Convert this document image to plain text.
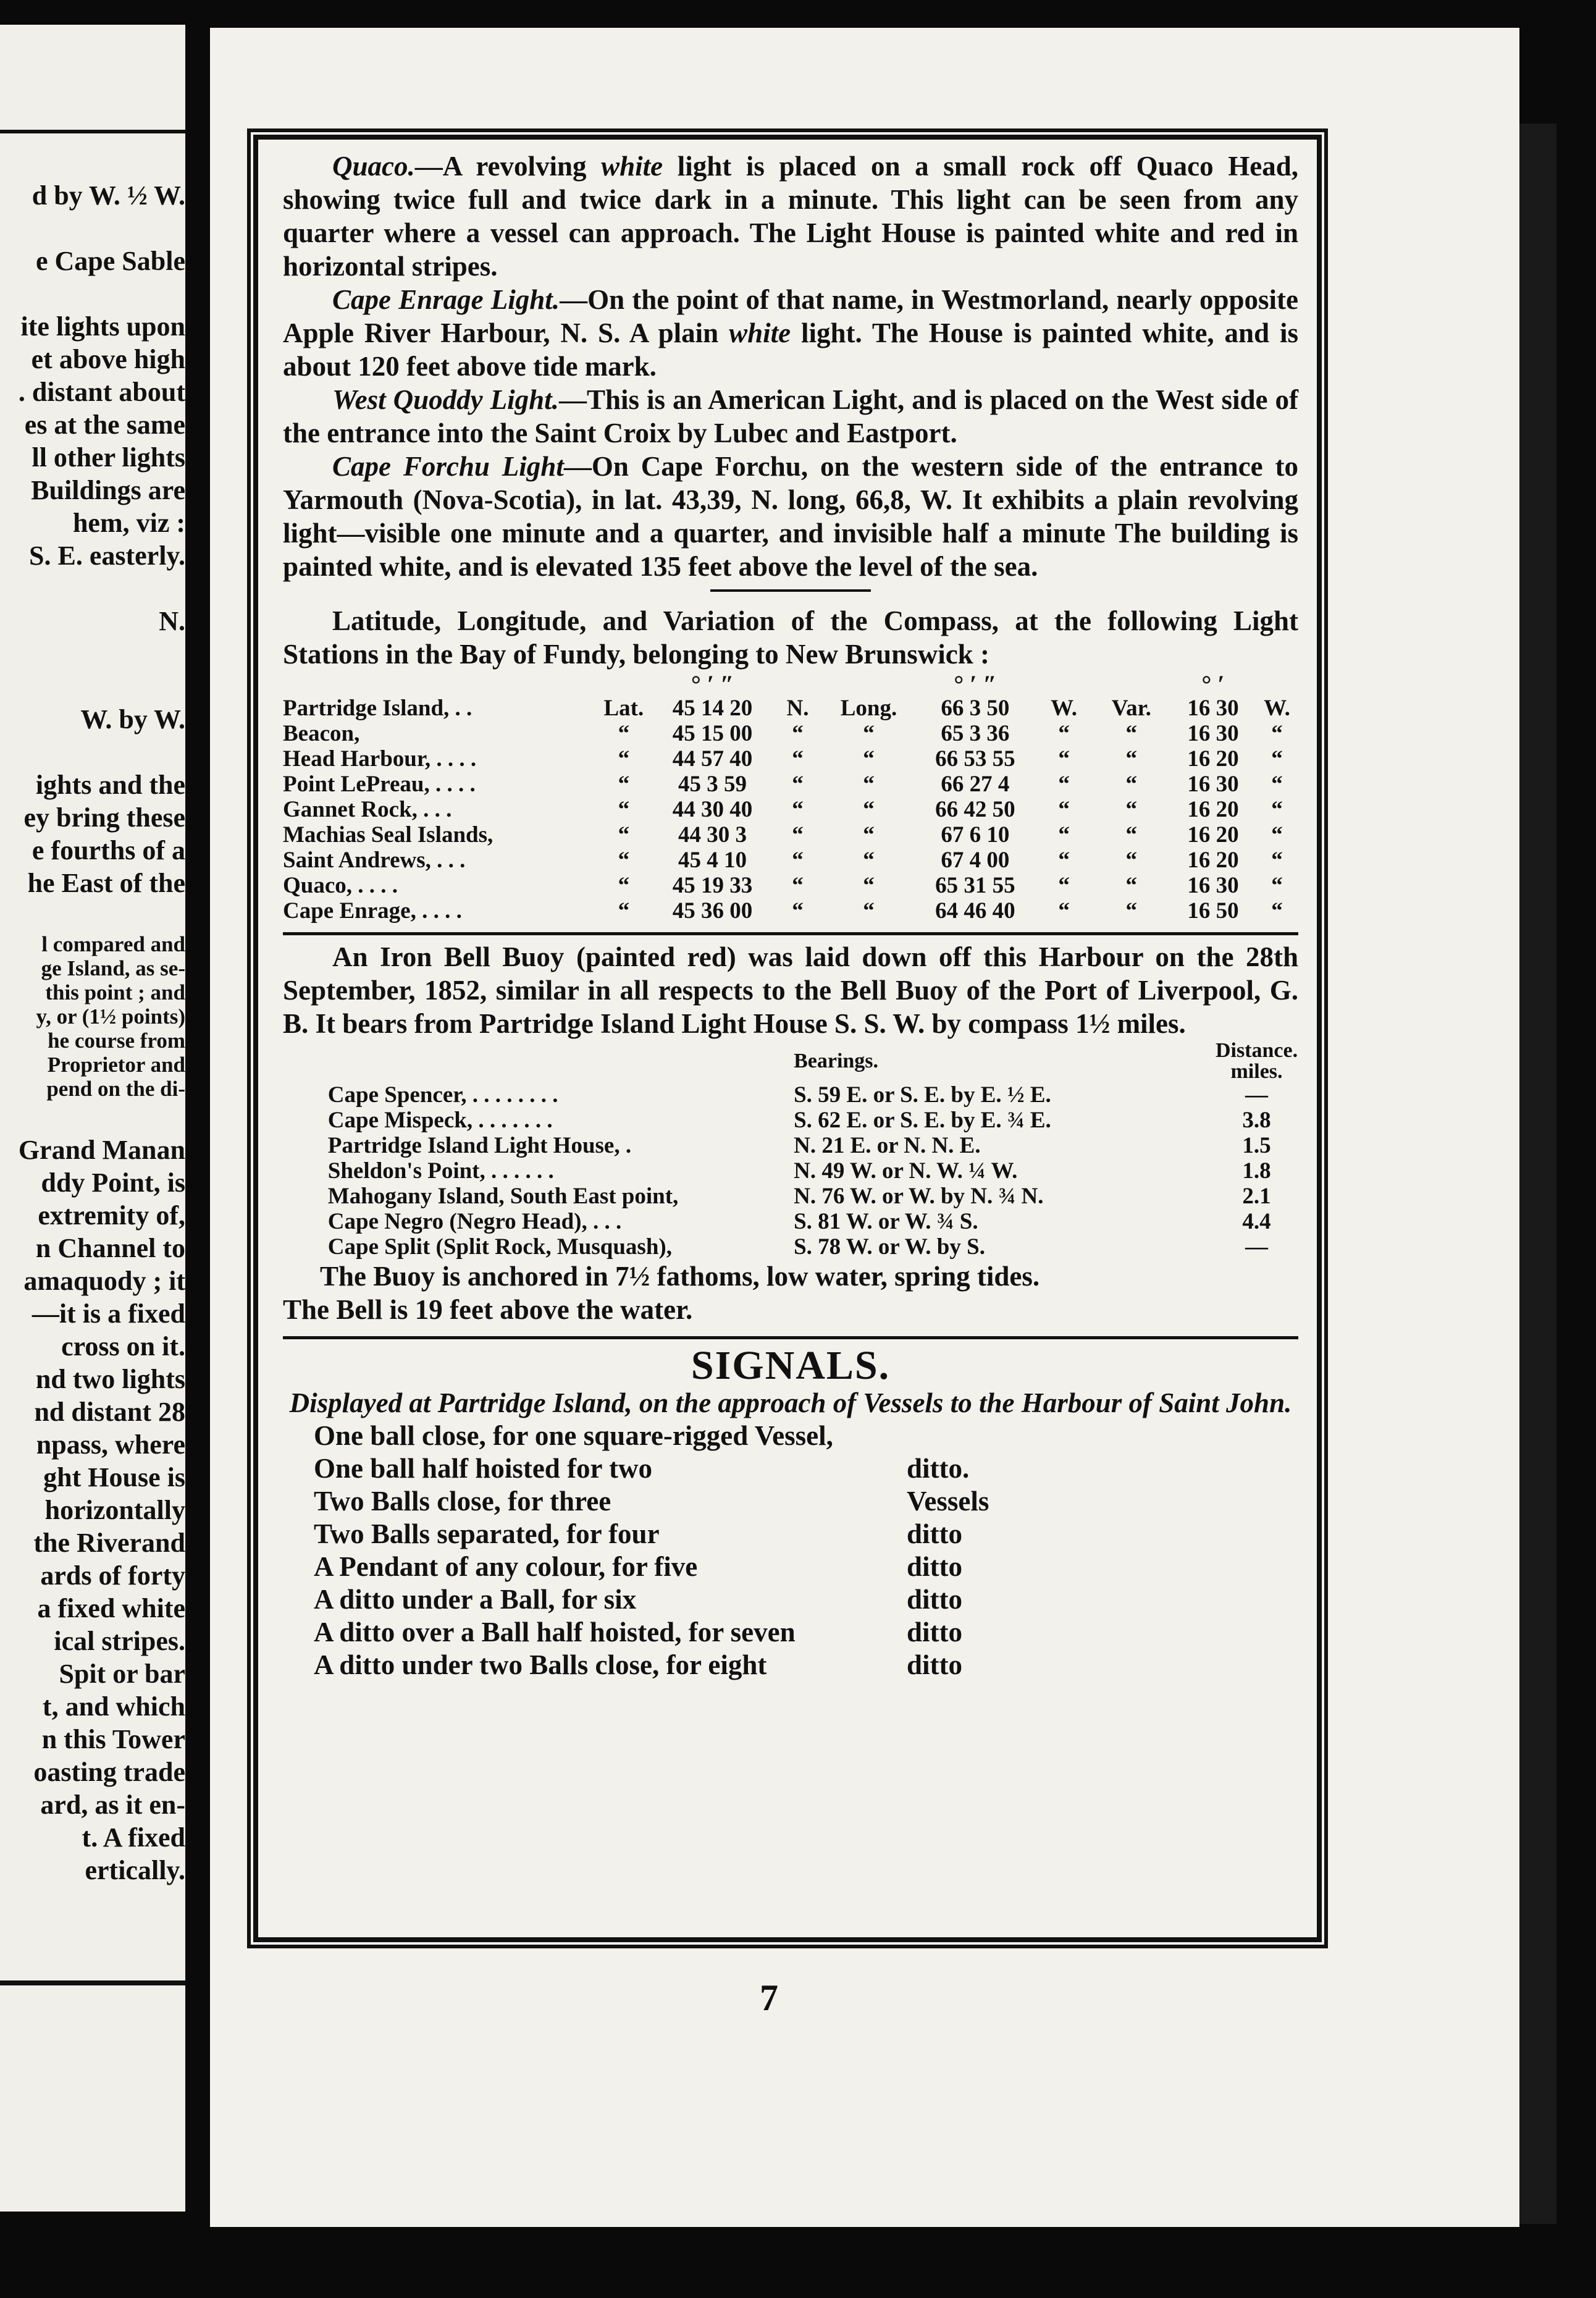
d by W. ½ W.

e Cape Sable

ite lights upon
et above high
. distant about
es at the same
ll other lights
Buildings are
hem, viz :
S. E. easterly.

N.

W. by W.

ights and the
ey bring these
e fourths of a
he East of the

l compared and
ge Island, as se-
this point ; and
y, or (1½ points)
he course from
Proprietor and
pend on the di-

Grand Manan
ddy Point, is
extremity of,
n Channel to
amaquody ; it
—it is a fixed
cross on it.
nd two lights
nd distant 28
npass, where
ght House is
horizontally
the Riverand
ards of forty
a fixed white
ical stripes.
Spit or bar
t, and which
n this Tower
oasting trade
ard, as it en-
t. A fixed
ertically.

Quaco.—A revolving white light is placed on a small rock off Quaco Head, showing twice full and twice dark in a minute. This light can be seen from any quarter where a vessel can approach. The Light House is painted white and red in horizontal stripes.

Cape Enrage Light.—On the point of that name, in Westmorland, nearly opposite Apple River Harbour, N. S. A plain white light. The House is painted white, and is about 120 feet above tide mark.

West Quoddy Light.—This is an American Light, and is placed on the West side of the entrance into the Saint Croix by Lubec and Eastport.

Cape Forchu Light—On Cape Forchu, on the western side of the entrance to Yarmouth (Nova-Scotia), in lat. 43,39, N. long, 66,8, W. It exhibits a plain revolving light—visible one minute and a quarter, and invisible half a minute The building is painted white, and is elevated 135 feet above the level of the sea.

Latitude, Longitude, and Variation of the Compass, at the following Light Stations in the Bay of Fundy, belonging to New Brunswick :

		° ′ ″			° ′ ″			° ′	
Partridge Island, . .	Lat.	45 14 20	N.	Long.	66 3 50	W.	Var.	16 30	W.
Beacon,	“	45 15 00	“	“	65 3 36	“	“	16 30	“
Head Harbour, . . . .	“	44 57 40	“	“	66 53 55	“	“	16 20	“
Point LePreau, . . . .	“	45 3 59	“	“	66 27 4	“	“	16 30	“
Gannet Rock, . . .	“	44 30 40	“	“	66 42 50	“	“	16 20	“
Machias Seal Islands,	“	44 30 3	“	“	67 6 10	“	“	16 20	“
Saint Andrews, . . .	“	45 4 10	“	“	67 4 00	“	“	16 20	“
Quaco, . . . .	“	45 19 33	“	“	65 31 55	“	“	16 30	“
Cape Enrage, . . . .	“	45 36 00	“	“	64 46 40	“	“	16 50	“

An Iron Bell Buoy (painted red) was laid down off this Harbour on the 28th September, 1852, similar in all respects to the Bell Buoy of the Port of Liverpool, G. B. It bears from Partridge Island Light House S. S. W. by compass 1½ miles.

		Bearings.	Distance. miles.
	Cape Spencer, . . . . . . . .	S. 59 E. or S. E. by E. ½ E.	—
	Cape Mispeck, . . . . . . .	S. 62 E. or S. E. by E. ¾ E.	3.8
	Partridge Island Light House, .	N. 21 E. or N. N. E.	1.5
	Sheldon's Point, . . . . . .	N. 49 W. or N. W. ¼ W.	1.8
	Mahogany Island, South East point,	N. 76 W. or W. by N. ¾ N.	2.1
	Cape Negro (Negro Head), . . .	S. 81 W. or W. ¾ S.	4.4
	Cape Split (Split Rock, Musquash),	S. 78 W. or W. by S.	—

The Buoy is anchored in 7½ fathoms, low water, spring tides.

The Bell is 19 feet above the water.

SIGNALS.

Displayed at Partridge Island, on the approach of Vessels to the Harbour of Saint John.

One ball close, for one square-rigged Vessel,	
One ball half hoisted for two	ditto.
Two Balls close, for three	Vessels
Two Balls separated, for four	ditto
A Pendant of any colour, for five	ditto
A ditto under a Ball, for six	ditto
A ditto over a Ball half hoisted, for seven	ditto
A ditto under two Balls close, for eight	ditto
7
